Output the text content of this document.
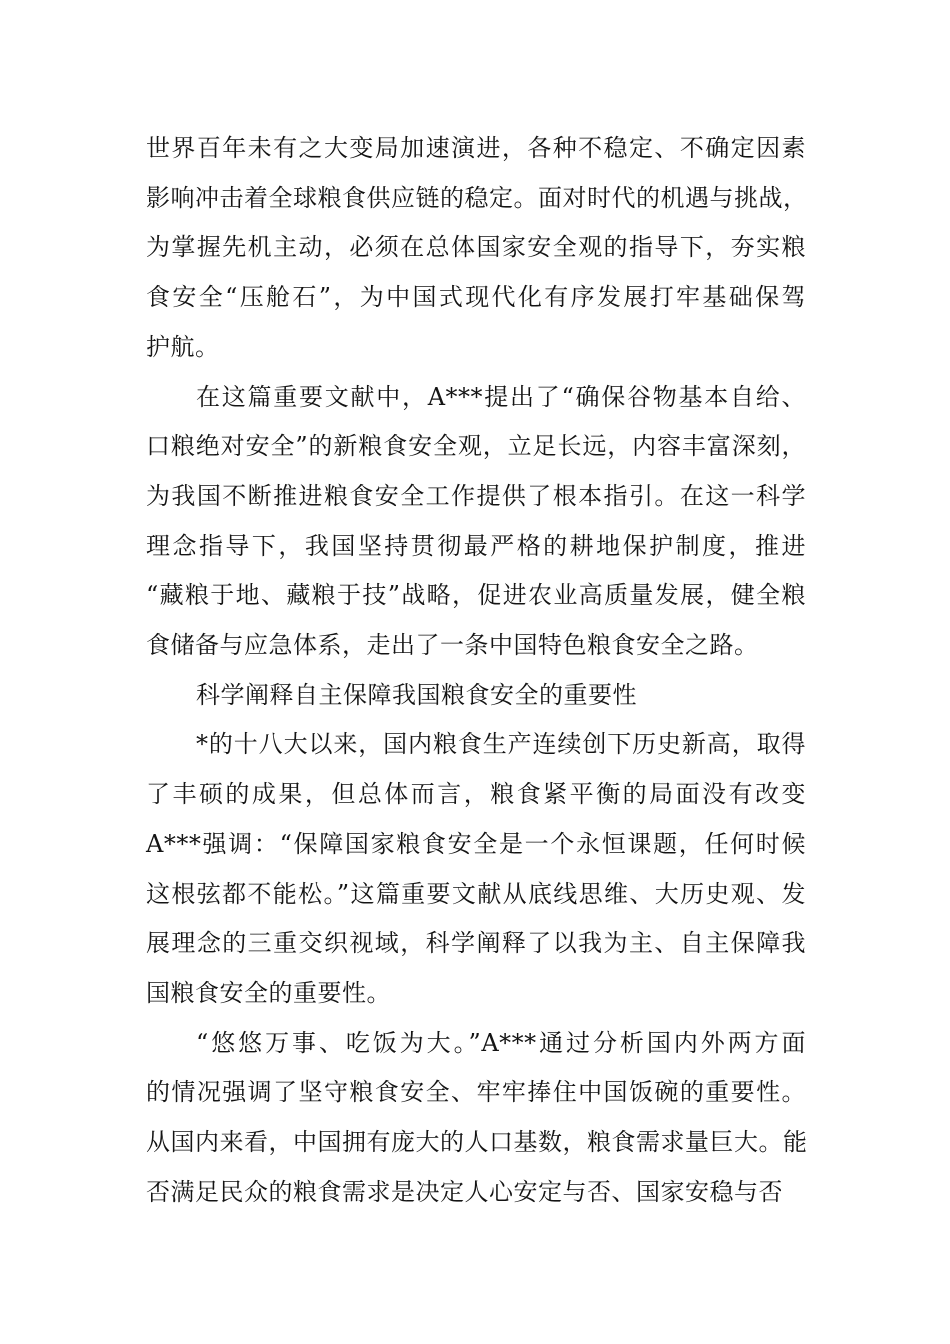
世界百年未有之大变局加速演进，各种不稳定、不确定因素
影响冲击着全球粮食供应链的稳定。面对时代的机遇与挑战，
为掌握先机主动，必须在总体国家安全观的指导下，夯实粮
食安全“压舱石”，为中国式现代化有序发展打牢基础保驾
护航。

在这篇重要文献中，A***提出了“确保谷物基本自给、
口粮绝对安全”的新粮食安全观，立足长远，内容丰富深刻，
为我国不断推进粮食安全工作提供了根本指引。在这一科学
理念指导下，我国坚持贯彻最严格的耕地保护制度，推进
“藏粮于地、藏粮于技”战略，促进农业高质量发展，健全粮
食储备与应急体系，走出了一条中国特色粮食安全之路。

科学阐释自主保障我国粮食安全的重要性

*的十八大以来，国内粮食生产连续创下历史新高，取得
了丰硕的成果，但总体而言，粮食紧平衡的局面没有改变
A***强调：“保障国家粮食安全是一个永恒课题，任何时候
这根弦都不能松。”这篇重要文献从底线思维、大历史观、发
展理念的三重交织视域，科学阐释了以我为主、自主保障我
国粮食安全的重要性。

“悠悠万事、吃饭为大。”A***通过分析国内外两方面
的情况强调了坚守粮食安全、牢牢捧住中国饭碗的重要性。
从国内来看，中国拥有庞大的人口基数，粮食需求量巨大。能
否满足民众的粮食需求是决定人心安定与否、国家安稳与否
